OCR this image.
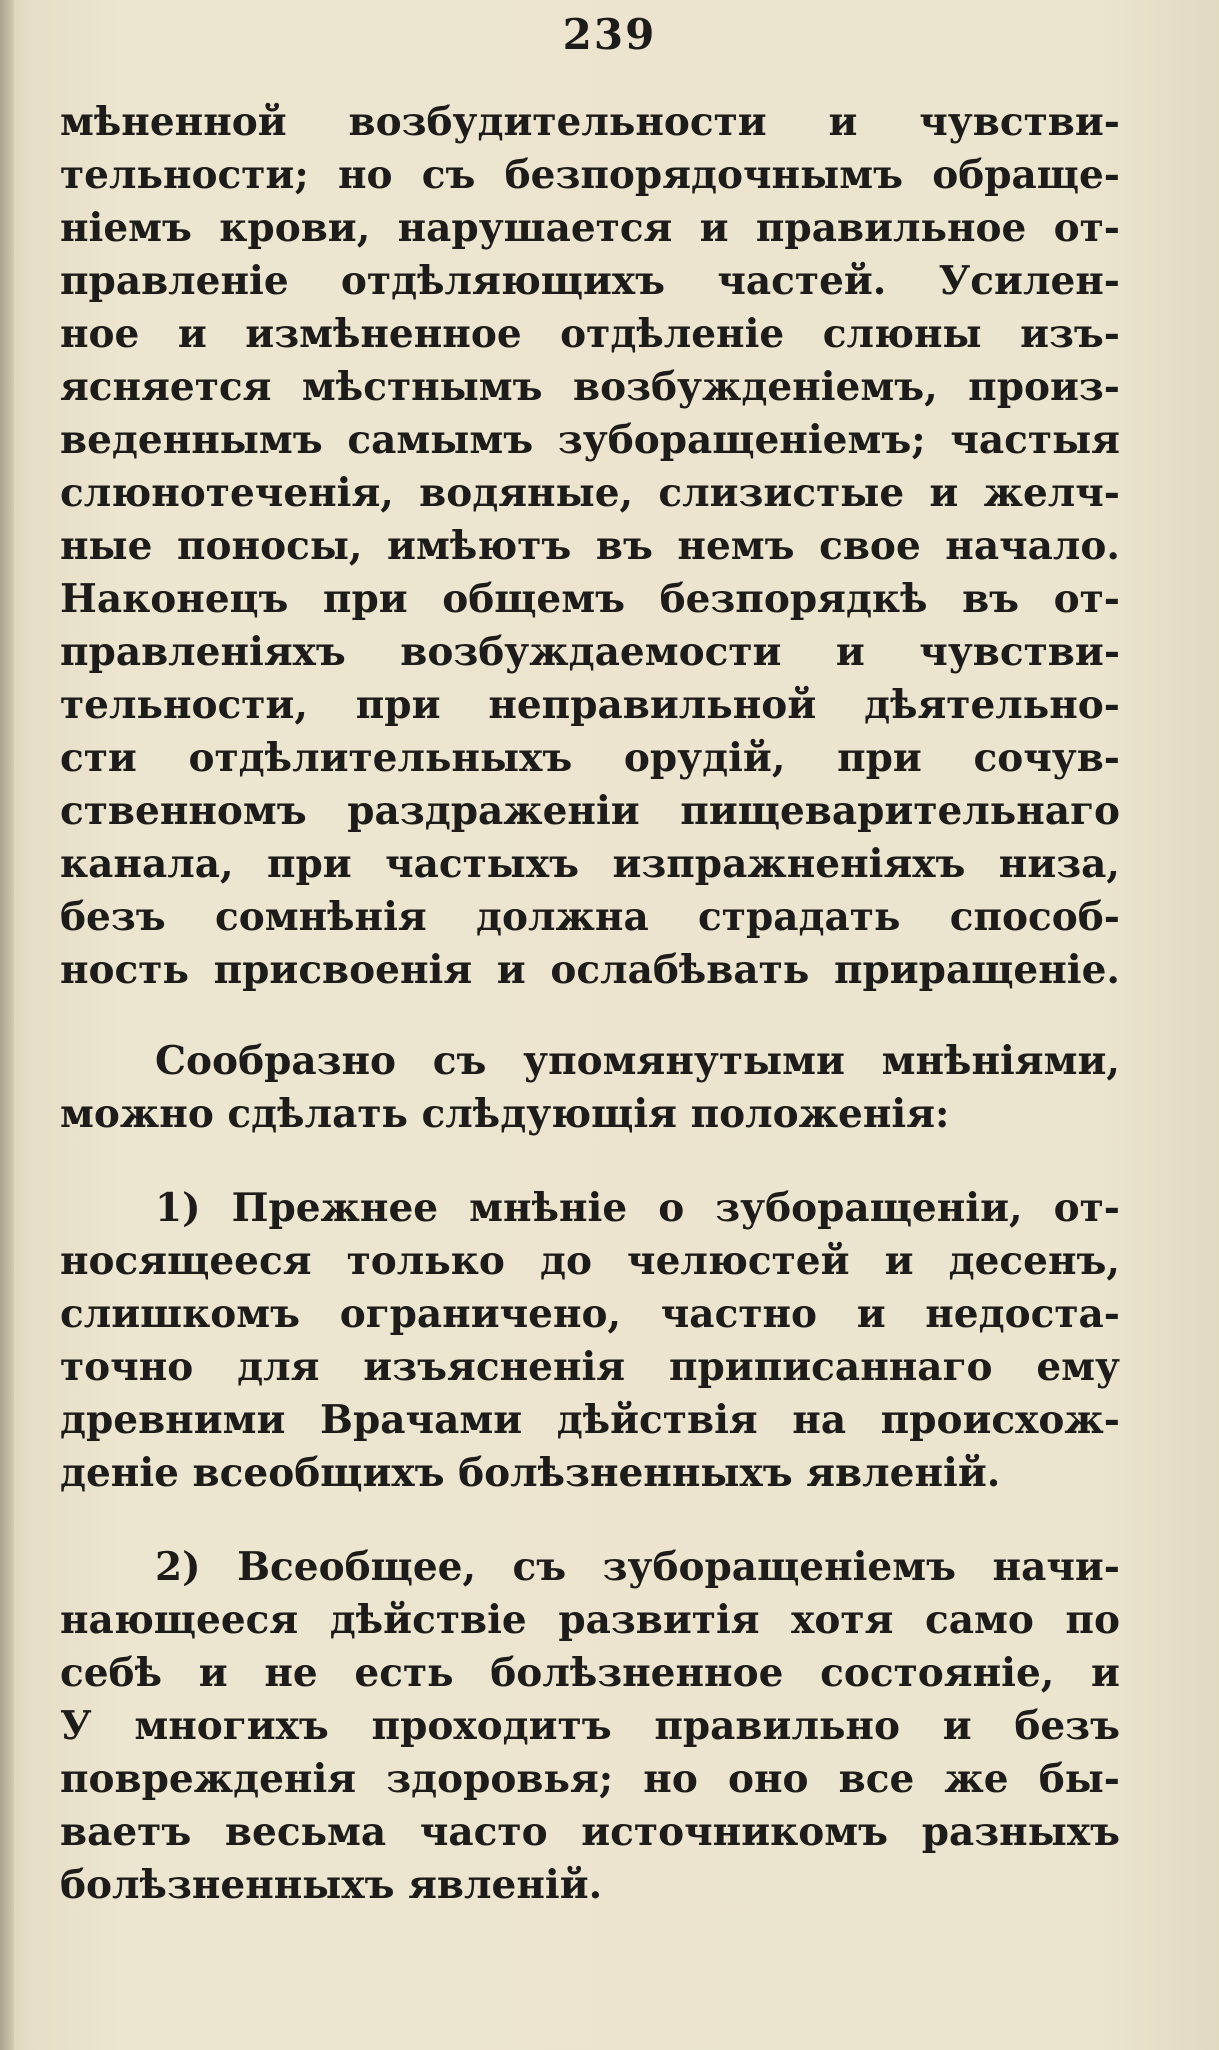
239
мѣненной возбудительности и чувстви-
тельности; но съ безпорядочнымъ обраще-
ніемъ крови, нарушается и правильное от-
правленіе отдѣляющихъ частей. Усилен-
ное и измѣненное отдѣленіе слюны изъ-
ясняется мѣстнымъ возбужденіемъ, произ-
веденнымъ самымъ зуборащеніемъ; частыя
слюнотеченія, водяные, слизистые и желч-
ные поносы, имѣютъ въ немъ свое начало.
Наконецъ при общемъ безпорядкѣ въ от-
правленіяхъ возбуждаемости и чувстви-
тельности, при неправильной дѣятельно-
сти отдѣлительныхъ орудій, при сочув-
ственномъ раздраженіи пищеварительнаго
канала, при частыхъ изпражненіяхъ низа,
безъ сомнѣнія должна страдать способ-
ность присвоенія и ослабѣвать приращеніе.
Сообразно съ упомянутыми мнѣніями,
можно сдѣлать слѣдующія положенія:
1) Прежнее мнѣніе о зуборащеніи, от-
носящееся только до челюстей и десенъ,
слишкомъ ограничено, частно и недоста-
точно для изъясненія приписаннаго ему
древними Врачами дѣйствія на происхож-
деніе всеобщихъ болѣзненныхъ явленій.
2) Всеобщее, съ зуборащеніемъ начи-
нающееся дѣйствіе развитія хотя само по
себѣ и не есть болѣзненное состояніе, и
У многихъ проходитъ правильно и безъ
поврежденія здоровья; но оно все же бы-
ваетъ весьма часто источникомъ разныхъ
болѣзненныхъ явленій.
